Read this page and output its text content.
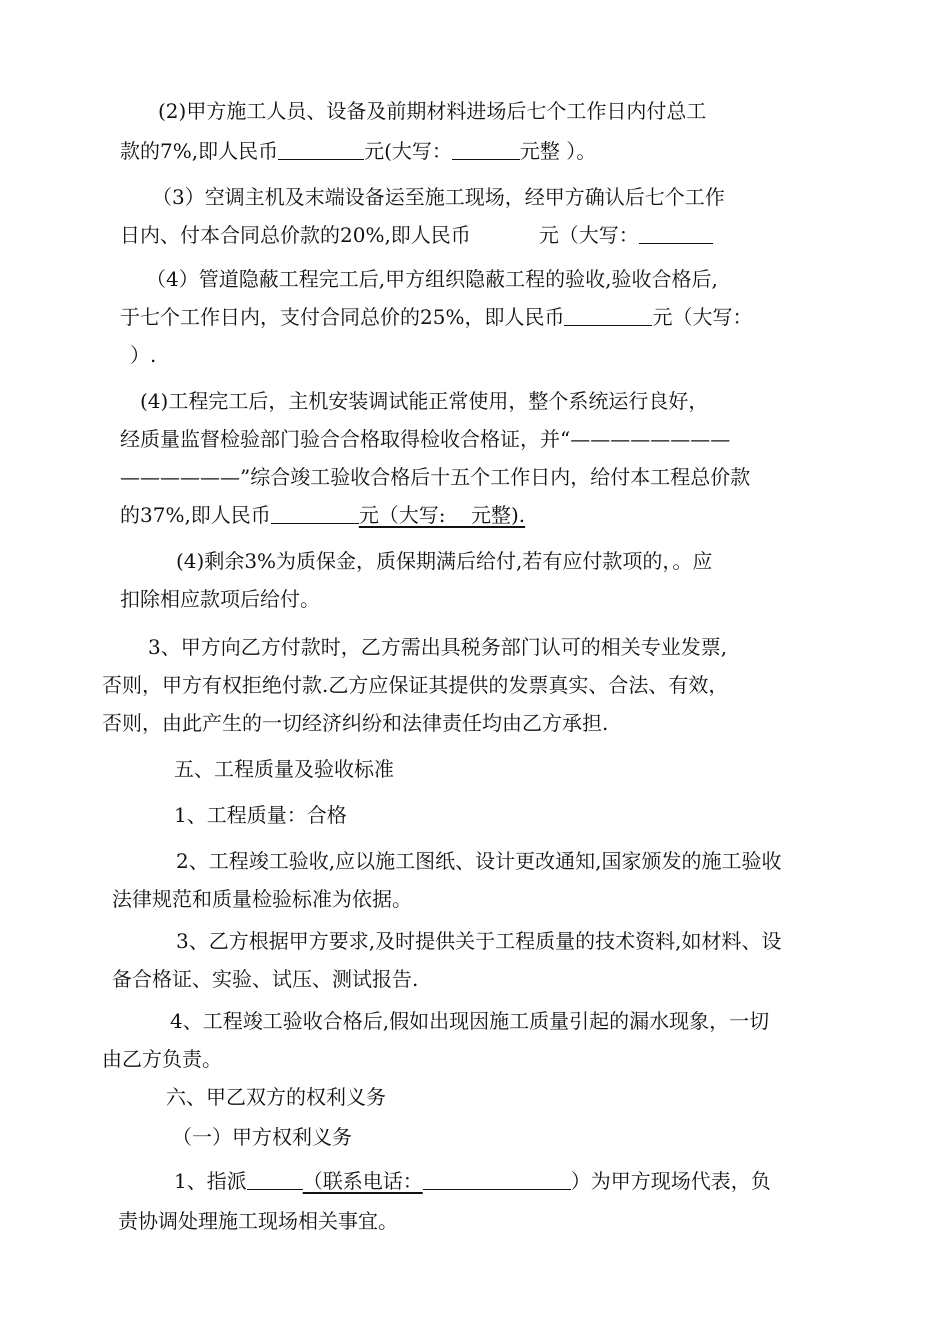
(2)甲方施工人员、设备及前期材料进场后七个工作日内付总工
款的7%,即人民币	元(大写：	元整 ）。
（3）空调主机及末端设备运至施工现场，经甲方确认后七个工作
日内、付本合同总价款的20%,即人民币	元（大写：
（4）管道隐蔽工程完工后,甲方组织隐蔽工程的验收,验收合格后,
于七个工作日内，支付合同总价的25%，即人民币	元（大写：
）.
(4)工程完工后，主机安装调试能正常使用，整个系统运行良好，
经质量监督检验部门验合合格取得检收合格证，并“————————
——————”综合竣工验收合格后十五个工作日内，给付本工程总价款
的37%,即人民币	元（大写:    元整).
(4)剩余3%为质保金，质保期满后给付,若有应付款项的，。应
扣除相应款项后给付。
3、甲方向乙方付款时，乙方需出具税务部门认可的相关专业发票,
否则，甲方有权拒绝付款.乙方应保证其提供的发票真实、合法、有效，
否则，由此产生的一切经济纠纷和法律责任均由乙方承担.
五、工程质量及验收标准
1、工程质量：合格
2、工程竣工验收,应以施工图纸、设计更改通知,国家颁发的施工验收
法律规范和质量检验标准为依据。
3、乙方根据甲方要求,及时提供关于工程质量的技术资料,如材料、设
备合格证、实验、试压、测试报告.
4、工程竣工验收合格后,假如出现因施工质量引起的漏水现象，一切
由乙方负责。
六、甲乙双方的权利义务
（一）甲方权利义务
1、指派	（联系电话：	）为甲方现场代表，负
责协调处理施工现场相关事宜。
